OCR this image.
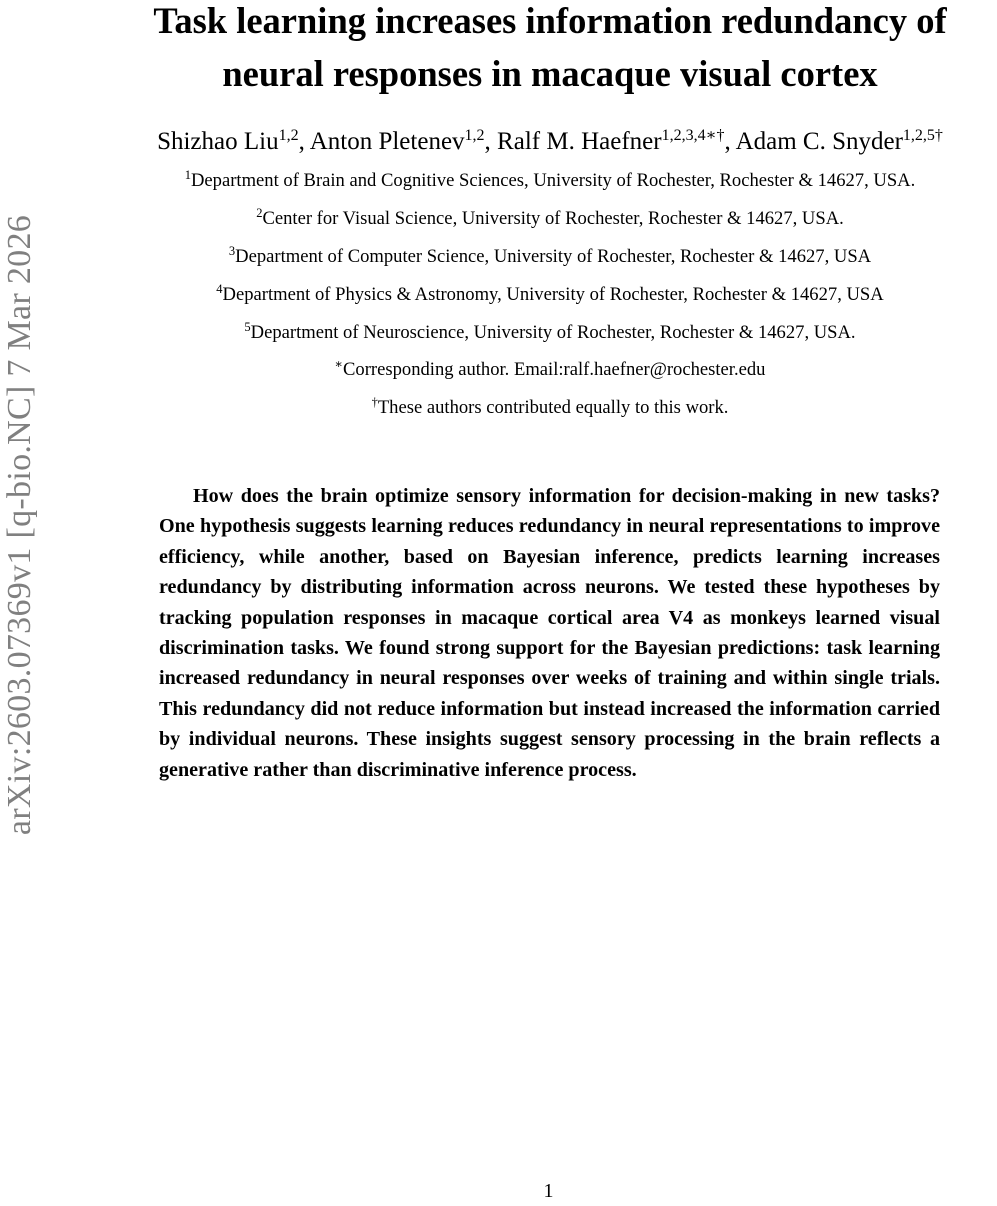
arXiv:2603.07369v1 [q-bio.NC] 7 Mar 2026
Task learning increases information redundancy of neural responses in macaque visual cortex
Shizhao Liu$^{1,2}$, Anton Pletenev$^{1,2}$, Ralf M. Haefner$^{1,2,3,4∗\dagger}$, Adam C. Snyder$^{1,2,5\dagger}$
$^1$Department of Brain and Cognitive Sciences, University of Rochester, Rochester & 14627, USA.
$^2$Center for Visual Science, University of Rochester, Rochester & 14627, USA.
$^3$Department of Computer Science, University of Rochester, Rochester & 14627, USA
$^4$Department of Physics & Astronomy, University of Rochester, Rochester & 14627, USA
$^5$Department of Neuroscience, University of Rochester, Rochester & 14627, USA.
∗Corresponding author. Email:ralf.haefner@rochester.edu
†These authors contributed equally to this work.

How does the brain optimize sensory information for decision-making in new tasks? One hypothesis suggests learning reduces redundancy in neural representations to improve efficiency, while another, based on Bayesian inference, predicts learning increases redundancy by distributing information across neurons. We tested these hypotheses by tracking population responses in macaque cortical area V4 as monkeys learned visual discrimination tasks. We found strong support for the Bayesian predictions: task learning increased redundancy in neural responses over weeks of training and within single trials. This redundancy did not reduce information but instead increased the information carried by individual neurons. These insights suggest sensory processing in the brain reflects a generative rather than discriminative inference process.

1
